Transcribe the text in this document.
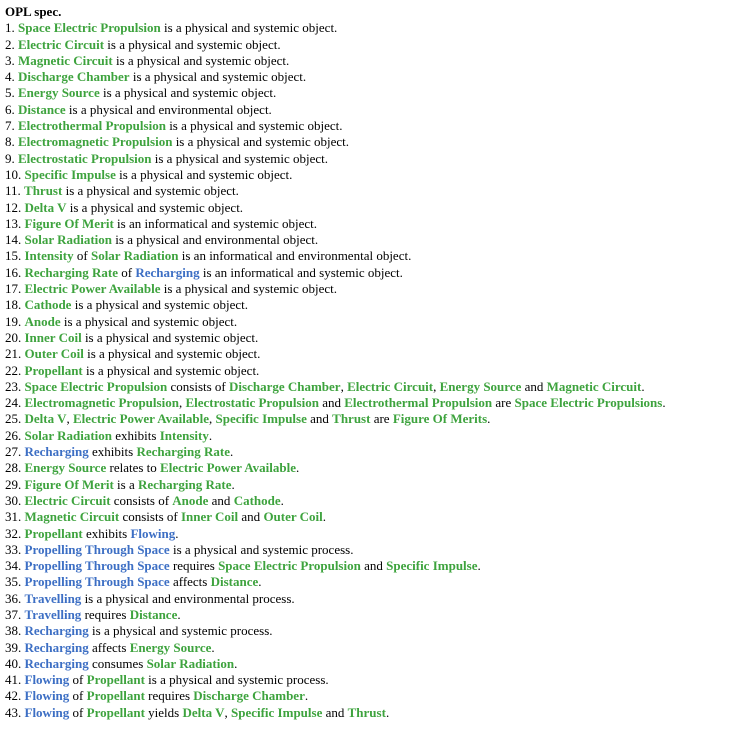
OPL spec.
1. Space Electric Propulsion is a physical and systemic object.
2. Electric Circuit is a physical and systemic object.
3. Magnetic Circuit is a physical and systemic object.
4. Discharge Chamber is a physical and systemic object.
5. Energy Source is a physical and systemic object.
6. Distance is a physical and environmental object.
7. Electrothermal Propulsion is a physical and systemic object.
8. Electromagnetic Propulsion is a physical and systemic object.
9. Electrostatic Propulsion is a physical and systemic object.
10. Specific Impulse is a physical and systemic object.
11. Thrust is a physical and systemic object.
12. Delta V is a physical and systemic object.
13. Figure Of Merit is an informatical and systemic object.
14. Solar Radiation is a physical and environmental object.
15. Intensity of Solar Radiation is an informatical and environmental object.
16. Recharging Rate of Recharging is an informatical and systemic object.
17. Electric Power Available is a physical and systemic object.
18. Cathode is a physical and systemic object.
19. Anode is a physical and systemic object.
20. Inner Coil is a physical and systemic object.
21. Outer Coil is a physical and systemic object.
22. Propellant is a physical and systemic object.
23. Space Electric Propulsion consists of Discharge Chamber, Electric Circuit, Energy Source and Magnetic Circuit.
24. Electromagnetic Propulsion, Electrostatic Propulsion and Electrothermal Propulsion are Space Electric Propulsions.
25. Delta V, Electric Power Available, Specific Impulse and Thrust are Figure Of Merits.
26. Solar Radiation exhibits Intensity.
27. Recharging exhibits Recharging Rate.
28. Energy Source relates to Electric Power Available.
29. Figure Of Merit is a Recharging Rate.
30. Electric Circuit consists of Anode and Cathode.
31. Magnetic Circuit consists of Inner Coil and Outer Coil.
32. Propellant exhibits Flowing.
33. Propelling Through Space is a physical and systemic process.
34. Propelling Through Space requires Space Electric Propulsion and Specific Impulse.
35. Propelling Through Space affects Distance.
36. Travelling is a physical and environmental process.
37. Travelling requires Distance.
38. Recharging is a physical and systemic process.
39. Recharging affects Energy Source.
40. Recharging consumes Solar Radiation.
41. Flowing of Propellant is a physical and systemic process.
42. Flowing of Propellant requires Discharge Chamber.
43. Flowing of Propellant yields Delta V, Specific Impulse and Thrust.
